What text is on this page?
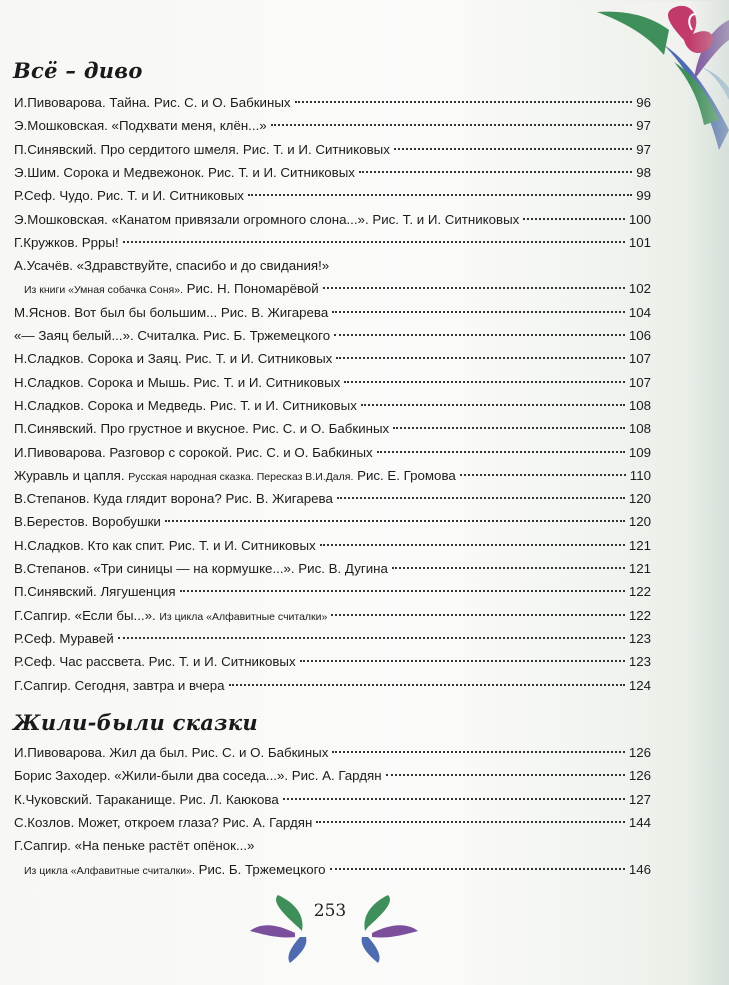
Всё – диво
И.Пивоварова. Тайна. Рис. С. и О. Бабкиных	96
Э.Мошковская. «Подхвати меня, клён...»	97
П.Синявский. Про сердитого шмеля. Рис. Т. и И. Ситниковых	97
Э.Шим. Сорока и Медвежонок. Рис. Т. и И. Ситниковых	98
Р.Сеф. Чудо. Рис. Т. и И. Ситниковых	99
Э.Мошковская. «Канатом привязали огромного слона...». Рис. Т. и И. Ситниковых	100
Г.Кружков. Ррры!	101
А.Усачёв. «Здравствуйте, спасибо и до свидания!»
Из книги «Умная собачка Соня». Рис. Н. Пономарёвой	102
М.Яснов. Вот был бы большим... Рис. В. Жигарева	104
«— Заяц белый...». Считалка. Рис. Б. Тржемецкого	106
Н.Сладков. Сорока и Заяц. Рис. Т. и И. Ситниковых	107
Н.Сладков. Сорока и Мышь. Рис. Т. и И. Ситниковых	107
Н.Сладков. Сорока и Медведь. Рис. Т. и И. Ситниковых	108
П.Синявский. Про грустное и вкусное. Рис. С. и О. Бабкиных	108
И.Пивоварова. Разговор с сорокой. Рис. С. и О. Бабкиных	109
Журавль и цапля. Русская народная сказка. Пересказ В.И.Даля. Рис. Е. Громова	110
В.Степанов. Куда глядит ворона? Рис. В. Жигарева	120
В.Берестов. Воробушки	120
Н.Сладков. Кто как спит. Рис. Т. и И. Ситниковых	121
В.Степанов. «Три синицы — на кормушке...». Рис. В. Дугина	121
П.Синявский. Лягушенция	122
Г.Сапгир. «Если бы...». Из цикла «Алфавитные считалки»	122
Р.Сеф. Муравей	123
Р.Сеф. Час рассвета. Рис. Т. и И. Ситниковых	123
Г.Сапгир. Сегодня, завтра и вчера	124
Жили-были сказки
И.Пивоварова. Жил да был. Рис. С. и О. Бабкиных	126
Борис Заходер. «Жили-были два соседа...». Рис. А. Гардян	126
К.Чуковский. Тараканище. Рис. Л. Каюкова	127
С.Козлов. Может, откроем глаза? Рис. А. Гардян	144
Г.Сапгир. «На пеньке растёт опёнок...»
Из цикла «Алфавитные считалки». Рис. Б. Тржемецкого	146
253
